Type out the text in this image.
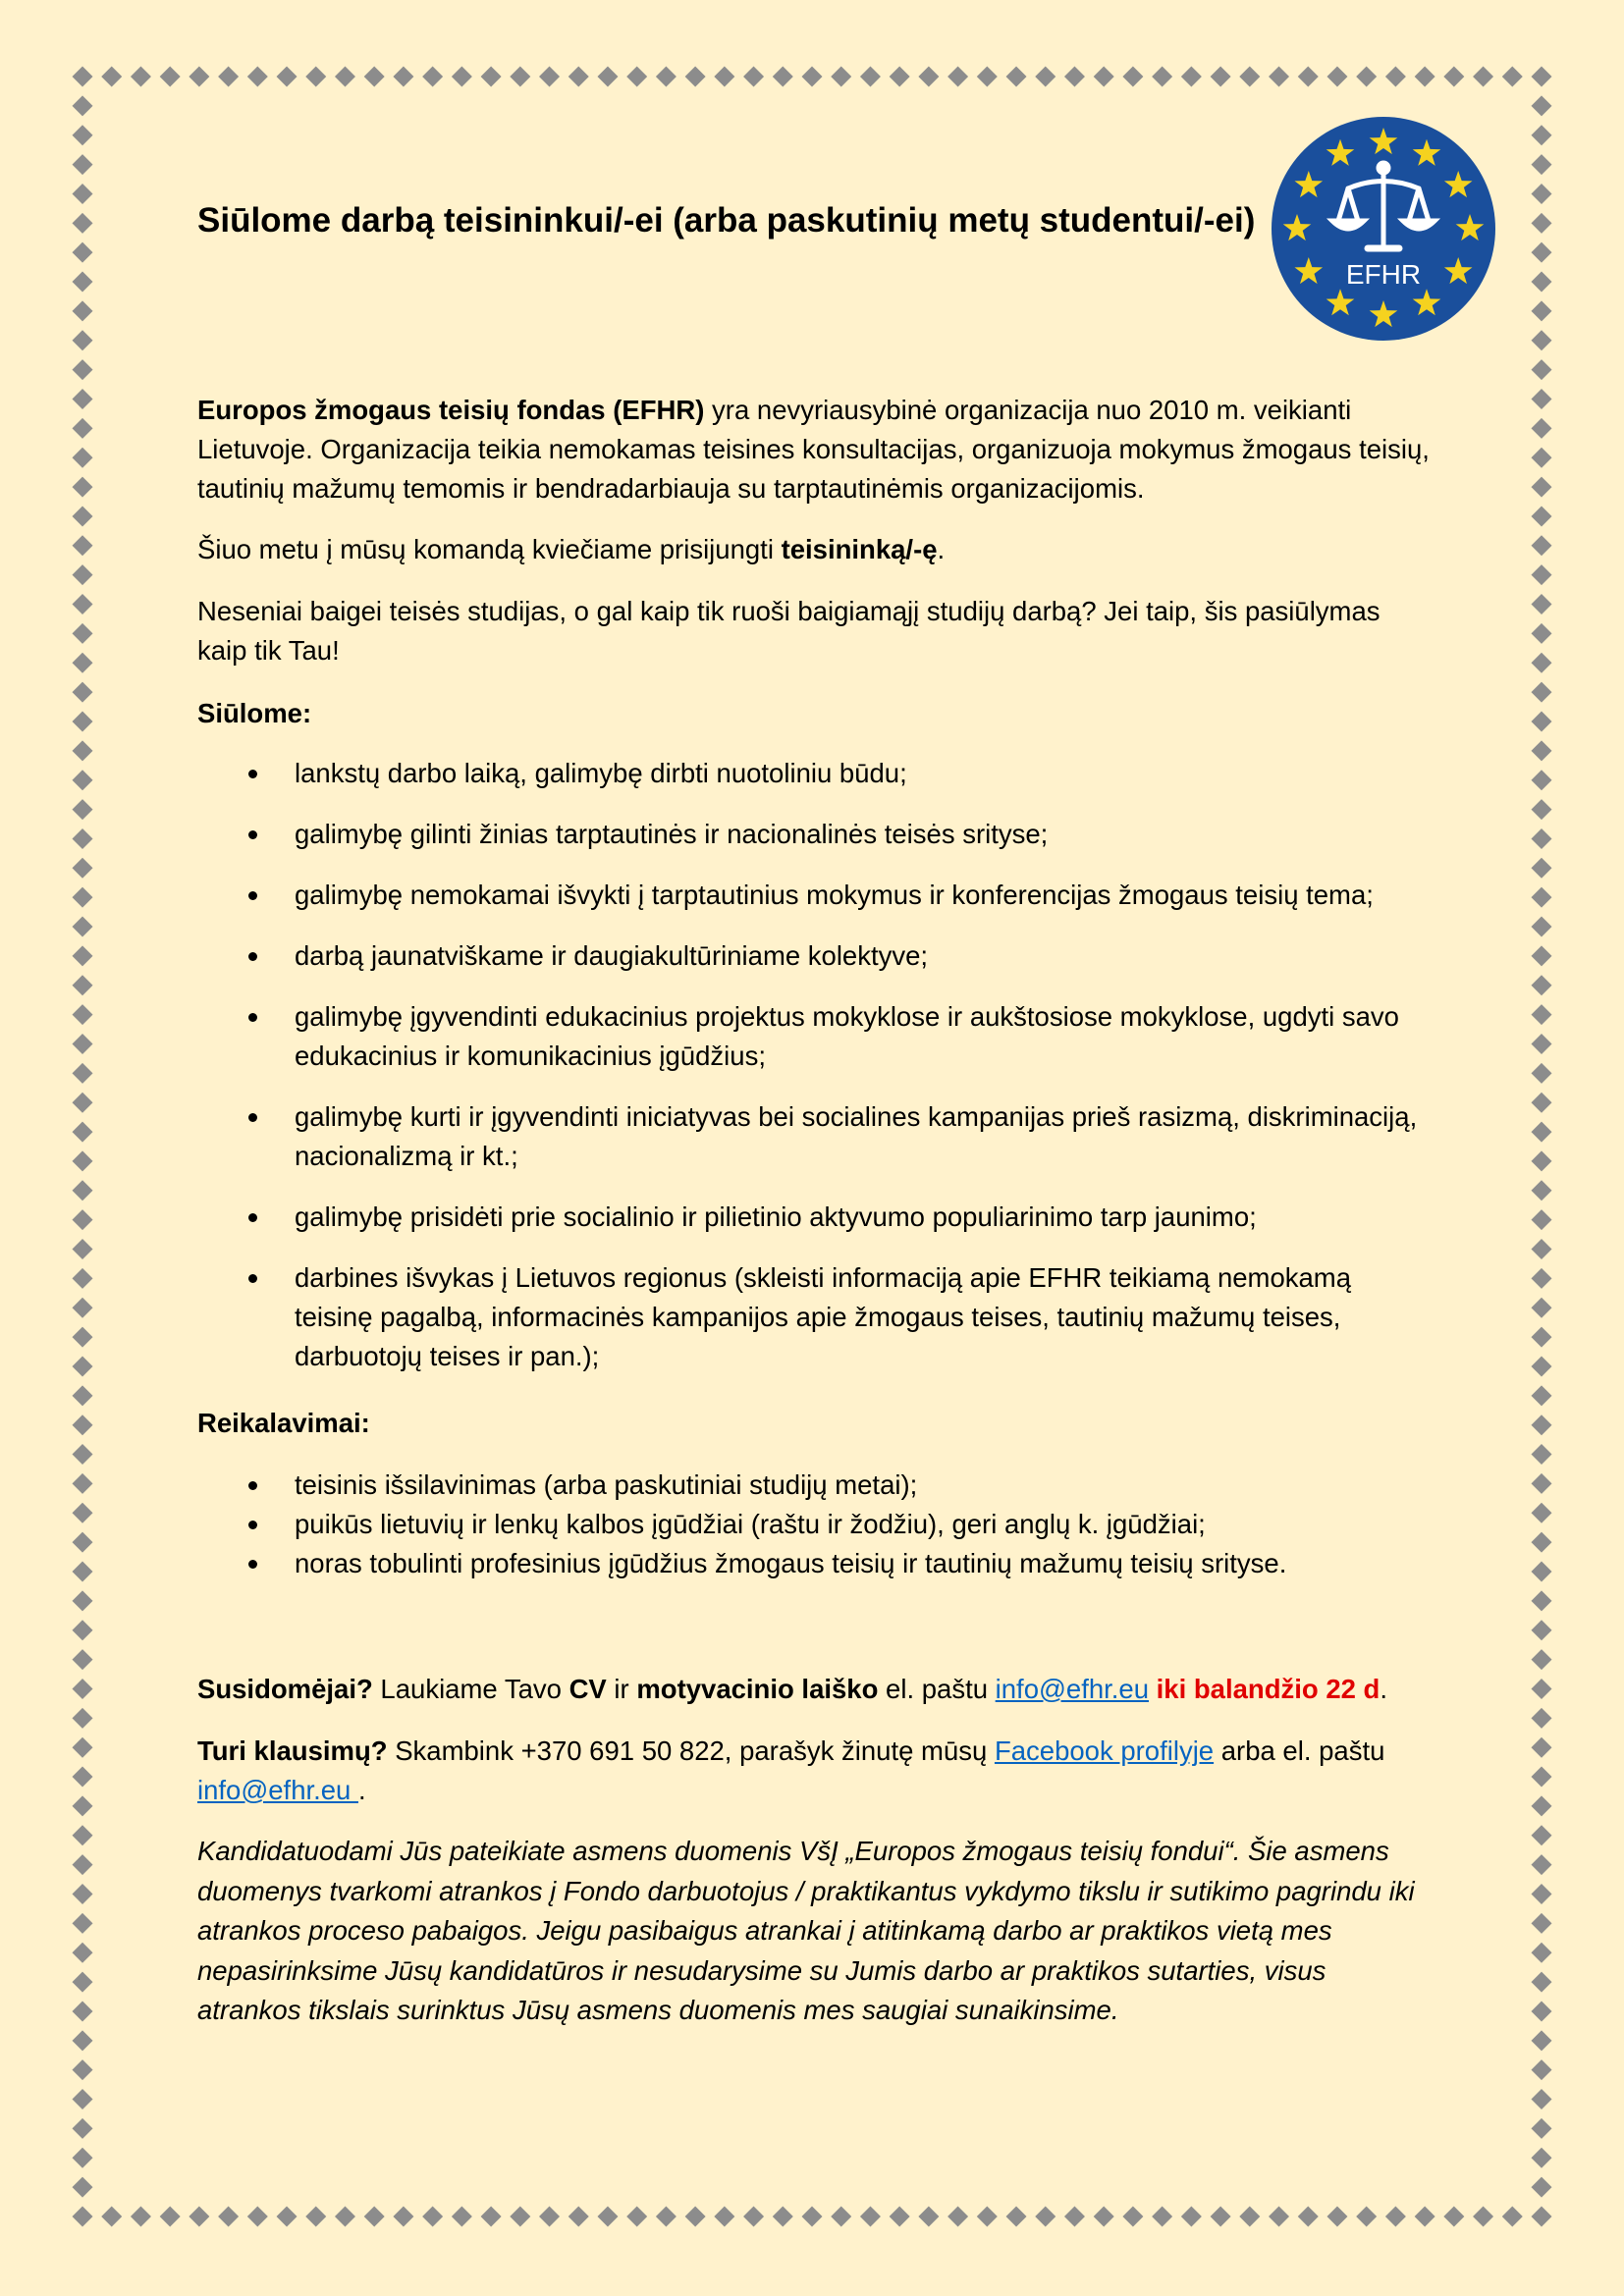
Siūlome darbą teisininkui/-ei (arba paskutinių metų studentui/-ei)
EFHR

Europos žmogaus teisių fondas (EFHR) yra nevyriausybinė organizacija nuo 2010 m. veikianti Lietuvoje. Organizacija teikia nemokamas teisines konsultacijas, organizuoja mokymus žmogaus teisių, tautinių mažumų temomis ir bendradarbiauja su tarptautinėmis organizacijomis.

Šiuo metu į mūsų komandą kviečiame prisijungti teisininką/-ę.

Neseniai baigei teisės studijas, o gal kaip tik ruoši baigiamąjį studijų darbą? Jei taip, šis pasiūlymas kaip tik Tau!

Siūlome:

lankstų darbo laiką, galimybę dirbti nuotoliniu būdu;
galimybę gilinti žinias tarptautinės ir nacionalinės teisės srityse;
galimybę nemokamai išvykti į tarptautinius mokymus ir konferencijas žmogaus teisių tema;
darbą jaunatviškame ir daugiakultūriniame kolektyve;
galimybę įgyvendinti edukacinius projektus mokyklose ir aukštosiose mokyklose, ugdyti savo edukacinius ir komunikacinius įgūdžius;
galimybę kurti ir įgyvendinti iniciatyvas bei socialines kampanijas prieš rasizmą, diskriminaciją, nacionalizmą ir kt.;
galimybę prisidėti prie socialinio ir pilietinio aktyvumo populiarinimo tarp jaunimo;
darbines išvykas į Lietuvos regionus (skleisti informaciją apie EFHR teikiamą nemokamą teisinę pagalbą, informacinės kampanijos apie žmogaus teises, tautinių mažumų teises, darbuotojų teises ir pan.);

Reikalavimai:

teisinis išsilavinimas (arba paskutiniai studijų metai);
puikūs lietuvių ir lenkų kalbos įgūdžiai (raštu ir žodžiu), geri anglų k. įgūdžiai;
noras tobulinti profesinius įgūdžius žmogaus teisių ir tautinių mažumų teisių srityse.

Susidomėjai? Laukiame Tavo CV ir motyvacinio laiško el. paštu info@efhr.eu iki balandžio 22 d.

Turi klausimų? Skambink +370 691 50 822, parašyk žinutę mūsų Facebook profilyje arba el. paštu info@efhr.eu .

Kandidatuodami Jūs pateikiate asmens duomenis VšĮ „Europos žmogaus teisių fondui“. Šie asmens duomenys tvarkomi atrankos į Fondo darbuotojus / praktikantus vykdymo tikslu ir sutikimo pagrindu iki atrankos proceso pabaigos. Jeigu pasibaigus atrankai į atitinkamą darbo ar praktikos vietą mes nepasirinksime Jūsų kandidatūros ir nesudarysime su Jumis darbo ar praktikos sutarties, visus atrankos tikslais surinktus Jūsų asmens duomenis mes saugiai sunaikinsime.
